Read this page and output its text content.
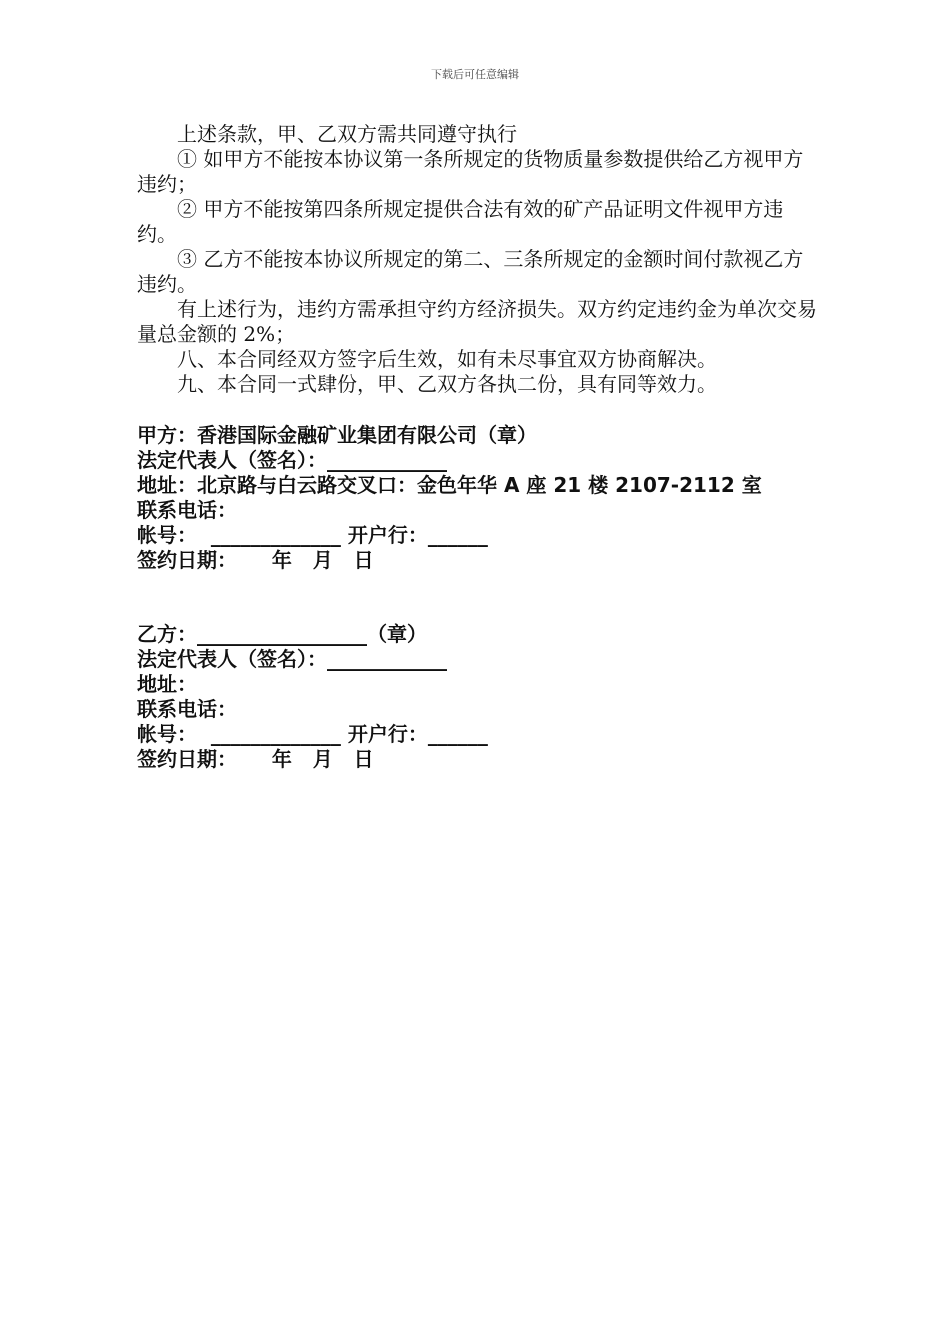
下载后可任意编辑

上述条款，甲、乙双方需共同遵守执行

① 如甲方不能按本协议第一条所规定的货物质量参数提供给乙方视甲方违约；

② 甲方不能按第四条所规定提供合法有效的矿产品证明文件视甲方违约。

③ 乙方不能按本协议所规定的第二、三条所规定的金额时间付款视乙方违约。

有上述行为，违约方需承担守约方经济损失。双方约定违约金为单次交易量总金额的 2%；

八、本合同经双方签字后生效，如有未尽事宜双方协商解决。

九、本合同一式肆份，甲、乙双方各执二份，具有同等效力。

甲方：香港国际金融矿业集团有限公司（章）
法定代表人（签名）：____________
地址：北京路与白云路交叉口：金色年华 A 座 21 楼 2107-2112 室
联系电话：
帐号：  _____________ 开户行：______
签约日期：     年   月   日
乙方：_________________（章）
法定代表人（签名）：____________
地址：
联系电话：
帐号：  _____________ 开户行：______
签约日期：     年   月   日
